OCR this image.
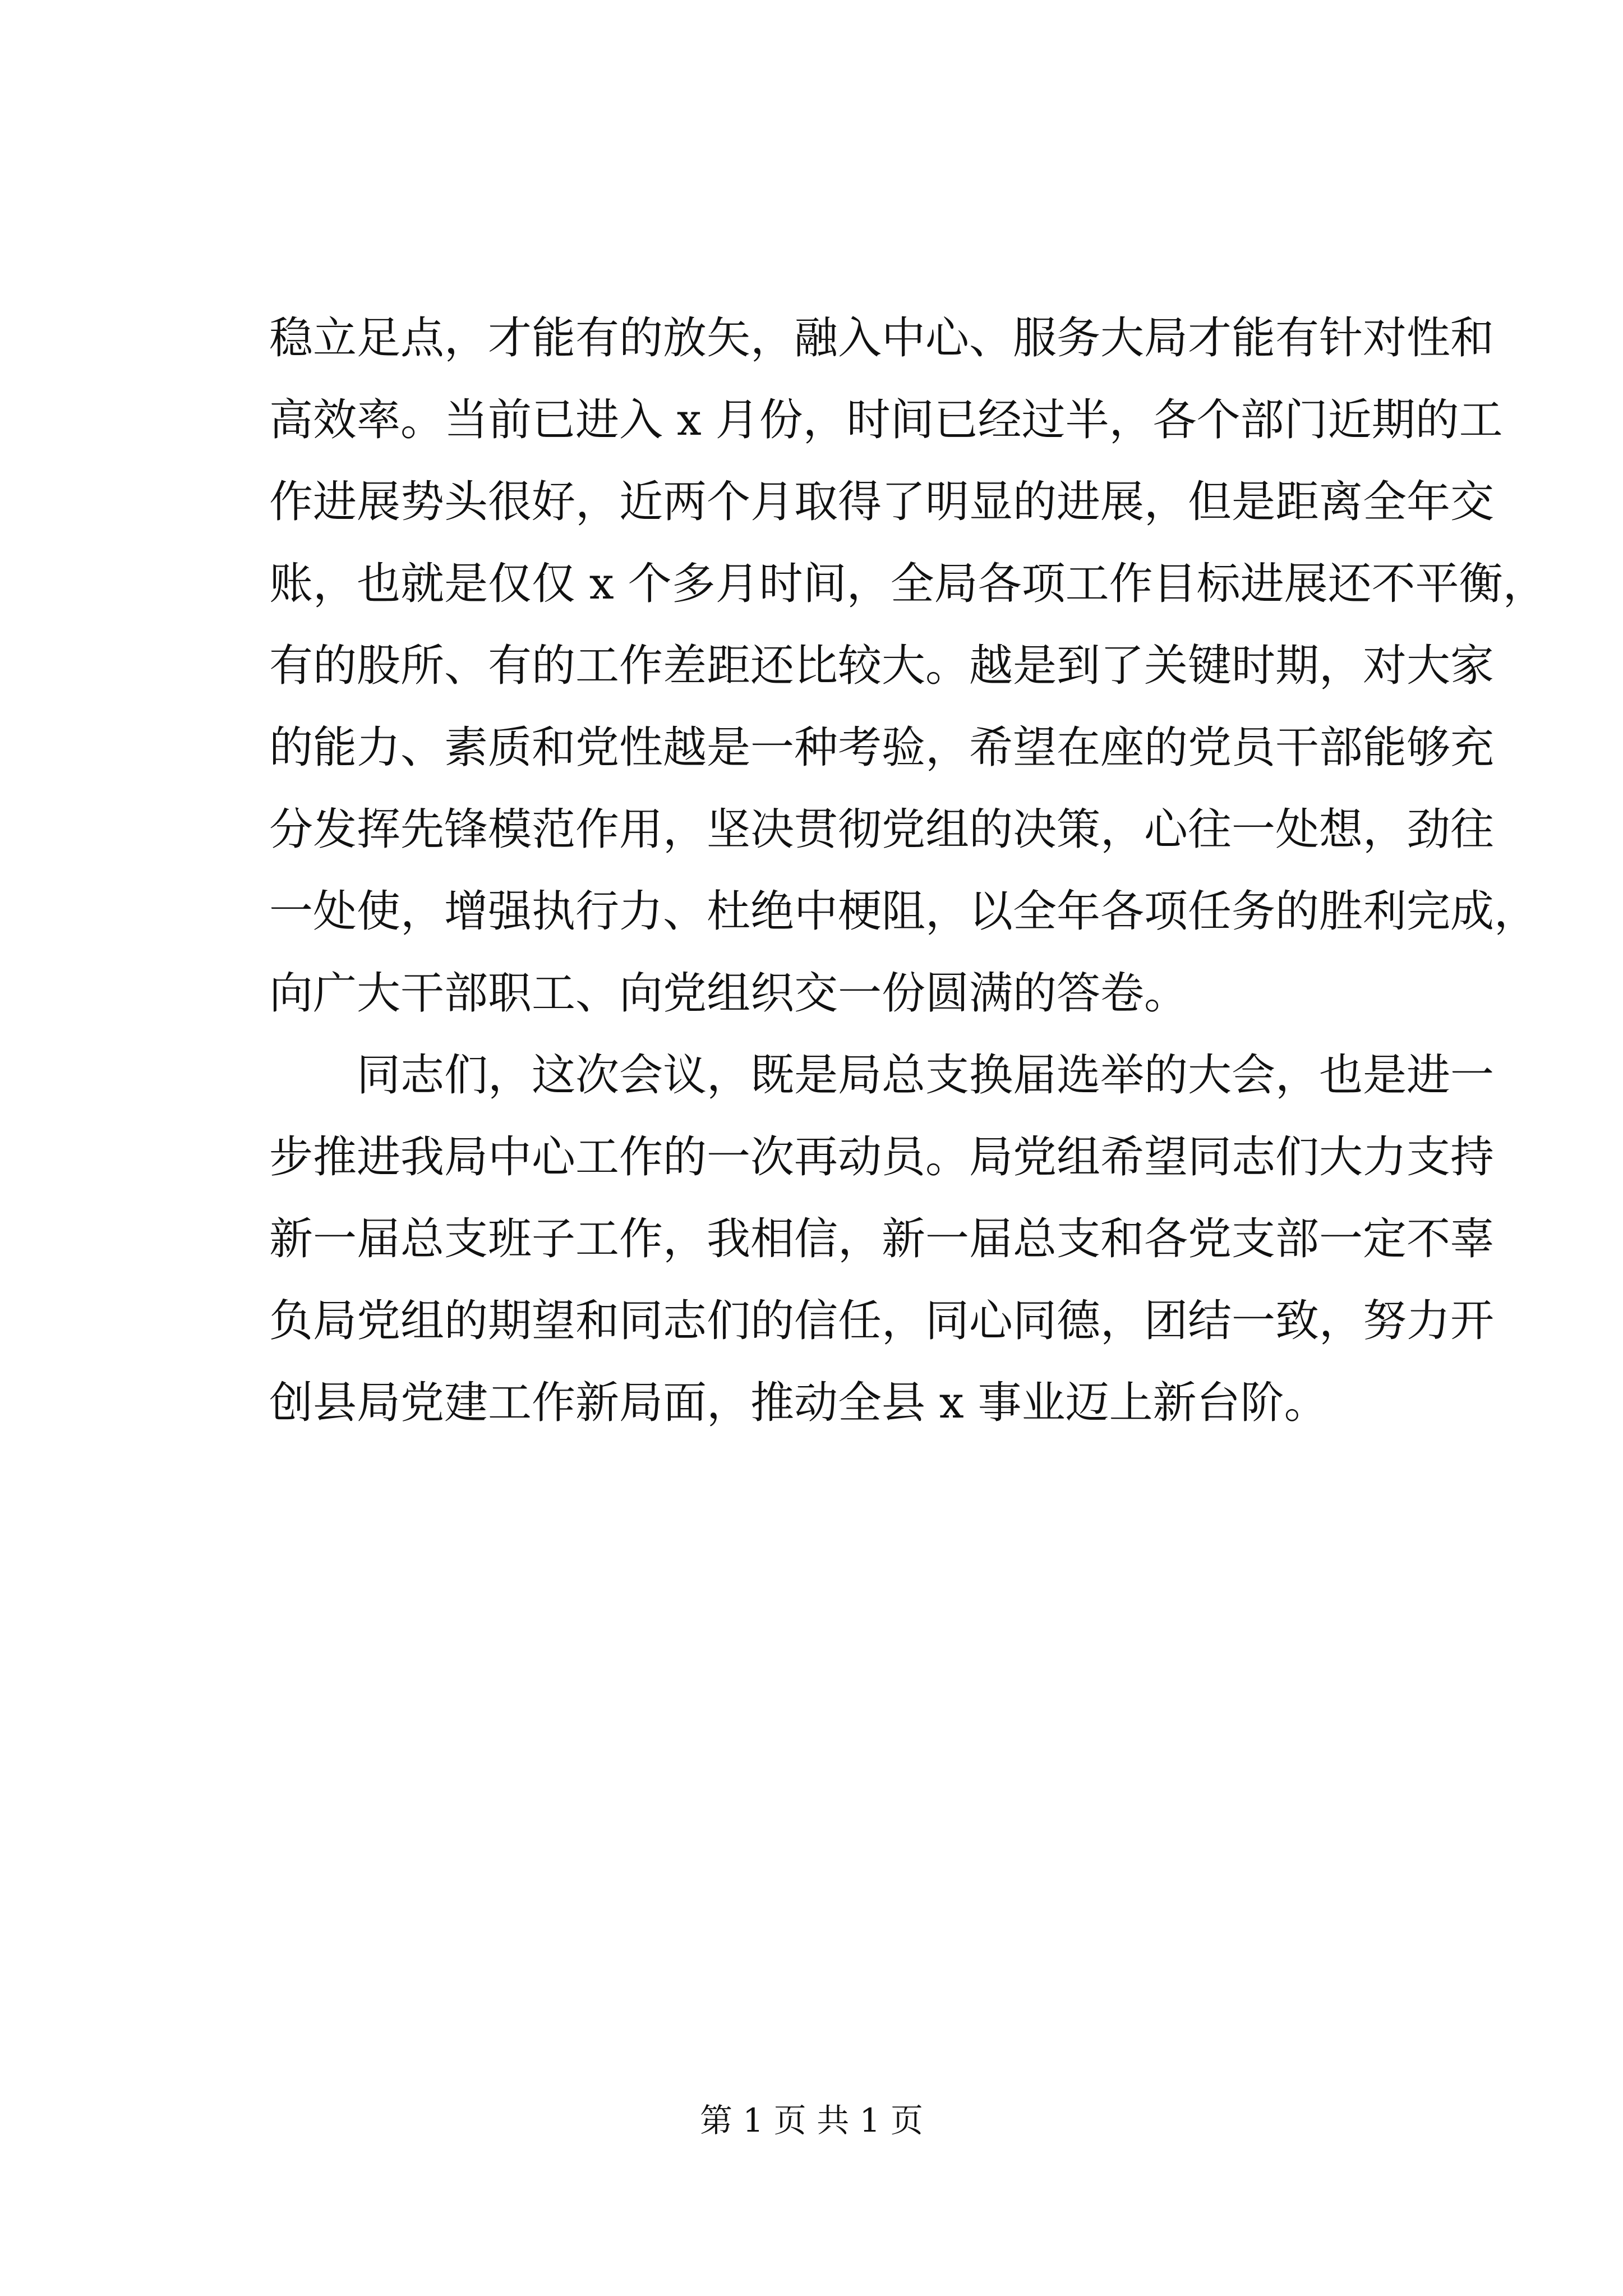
稳立足点，才能有的放矢，融入中心、服务大局才能有针对性和
高效率。当前已进入 x 月份，时间已经过半，各个部门近期的工
作进展势头很好，近两个月取得了明显的进展，但是距离全年交
账，也就是仅仅 x 个多月时间，全局各项工作目标进展还不平衡，
有的股所、有的工作差距还比较大。越是到了关键时期，对大家
的能力、素质和党性越是一种考验，希望在座的党员干部能够充
分发挥先锋模范作用，坚决贯彻党组的决策，心往一处想，劲往
一处使，增强执行力、杜绝中梗阻，以全年各项任务的胜利完成，
向广大干部职工、向党组织交一份圆满的答卷。
　　同志们，这次会议，既是局总支换届选举的大会，也是进一
步推进我局中心工作的一次再动员。局党组希望同志们大力支持
新一届总支班子工作，我相信，新一届总支和各党支部一定不辜
负局党组的期望和同志们的信任，同心同德，团结一致，努力开
创县局党建工作新局面，推动全县 x 事业迈上新台阶。
第 1 页 共 1 页
